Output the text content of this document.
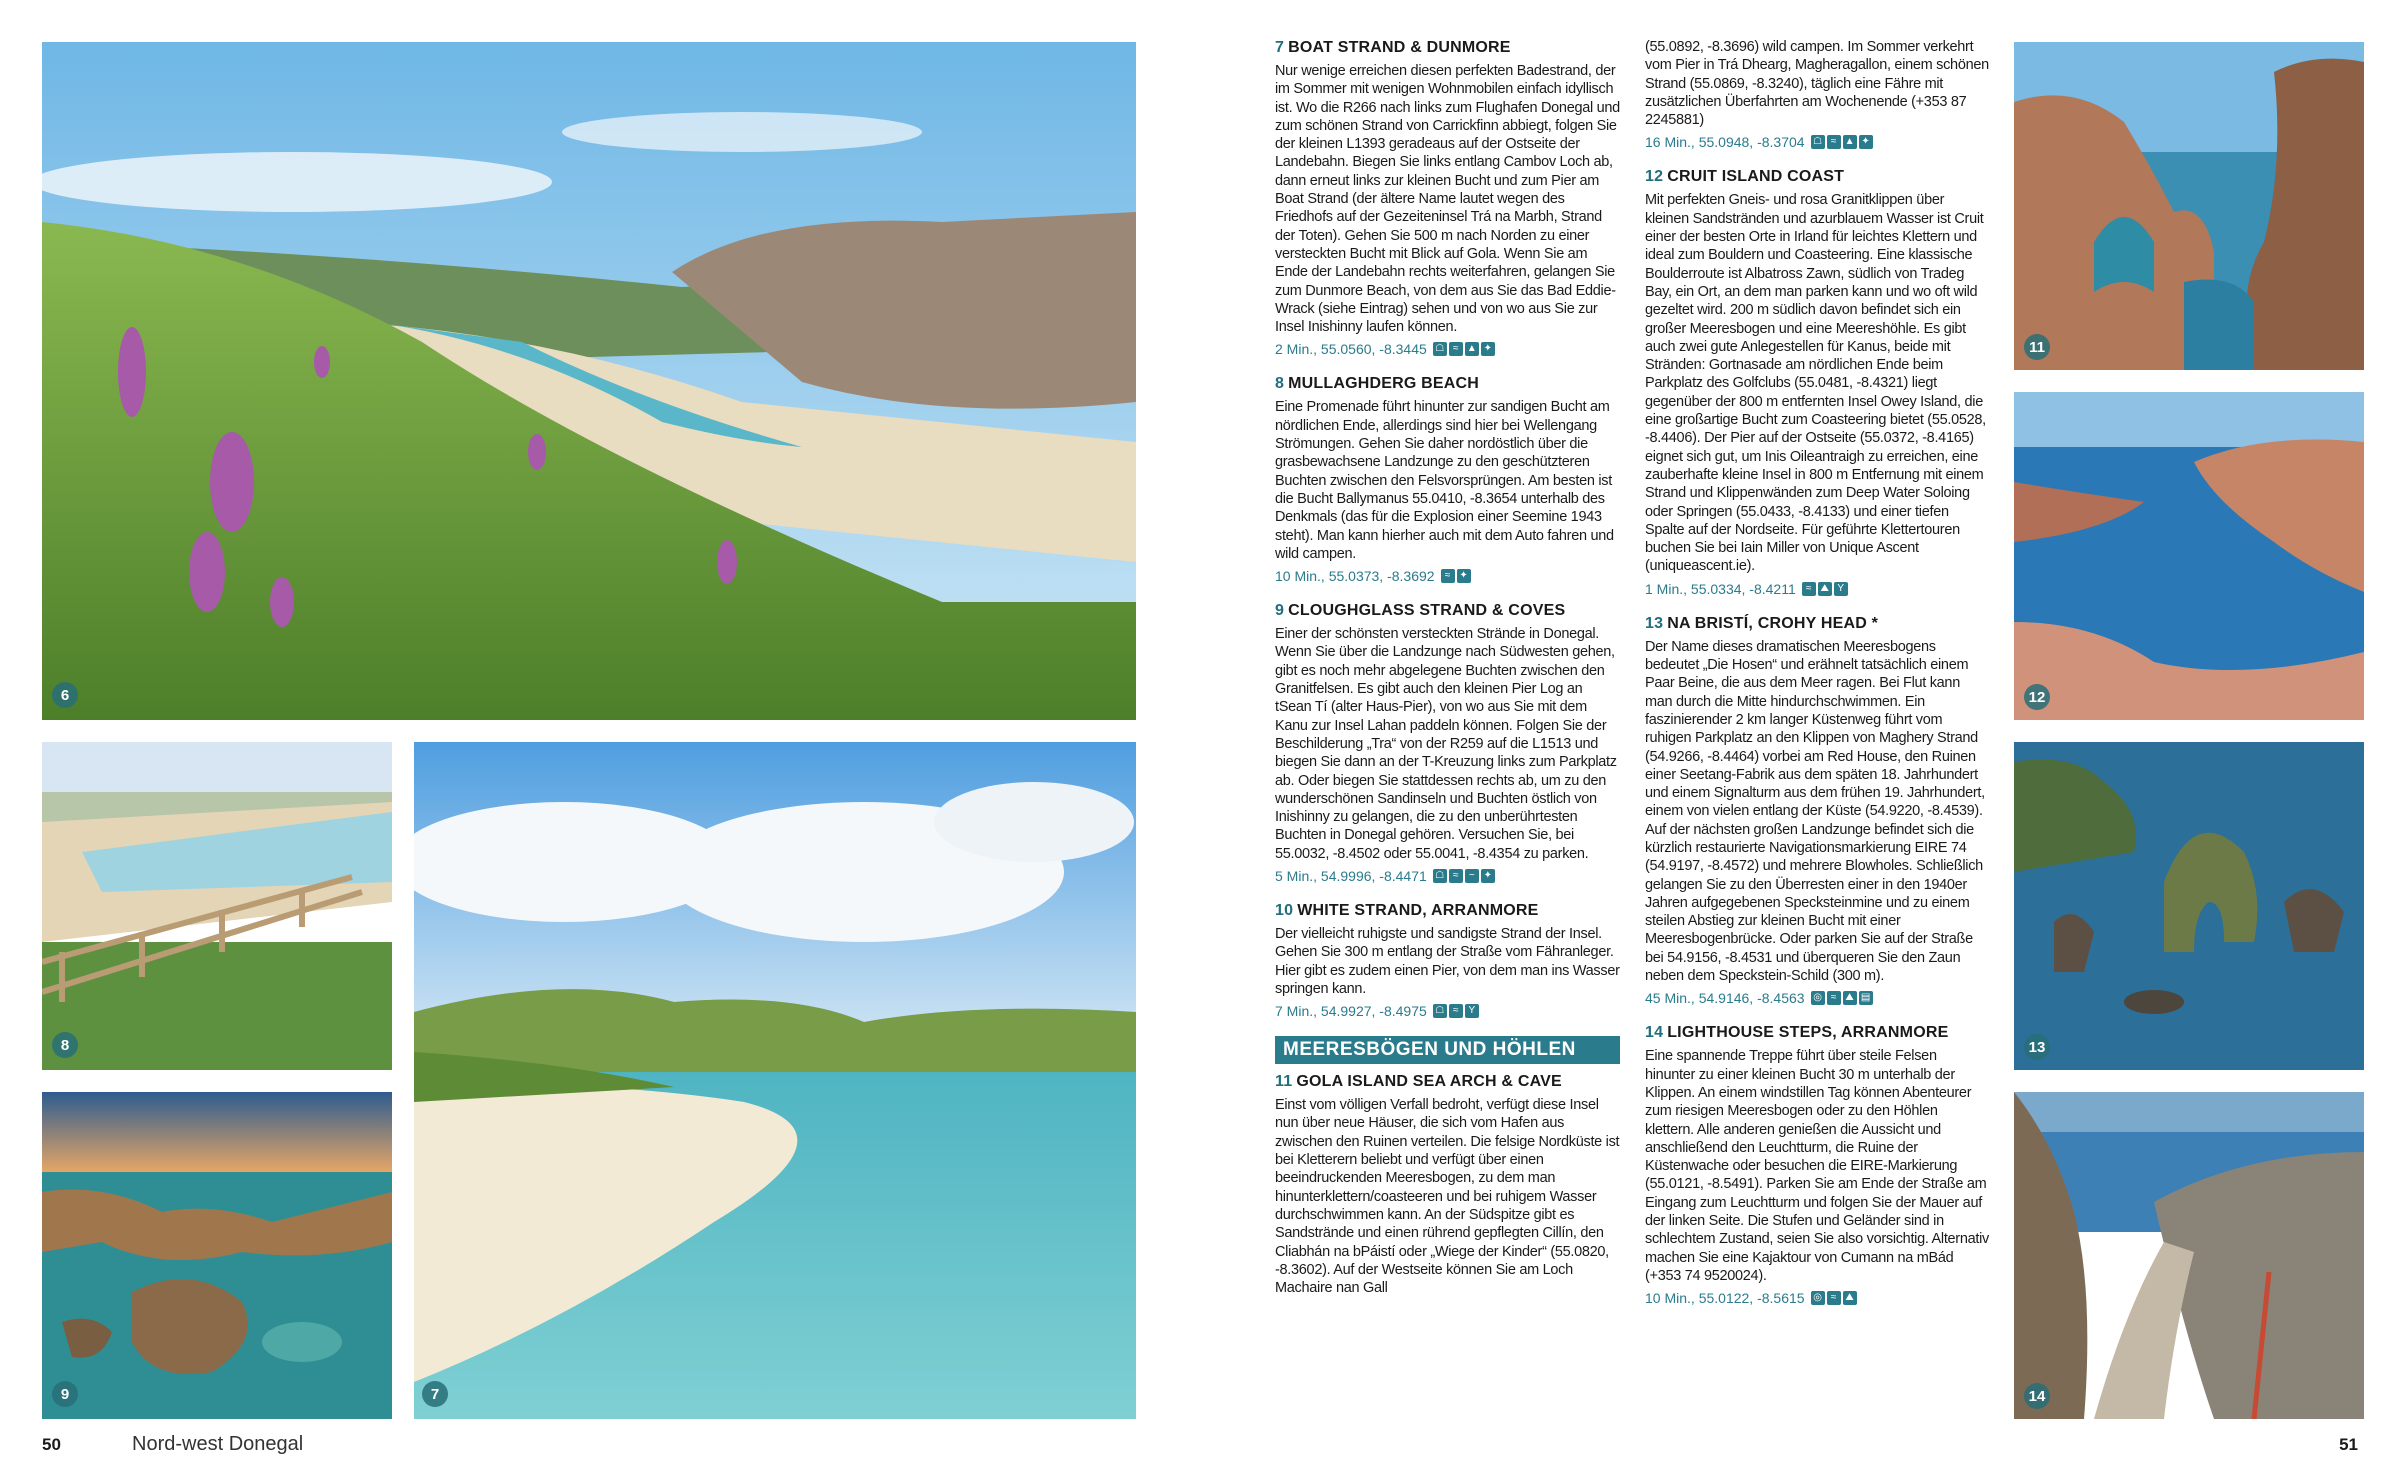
6
8
9	7
7 BOAT STRAND & DUNMORE
Nur wenige erreichen diesen perfekten Badestrand, der im Sommer mit wenigen Wohnmobilen einfach idyllisch ist. Wo die R266 nach links zum Flughafen Donegal und zum schönen Strand von Carrickfinn abbiegt, folgen Sie der kleinen L1393 geradeaus auf der Ostseite der Landebahn. Biegen Sie links entlang Cambov Loch ab, dann erneut links zur kleinen Bucht und zum Pier am Boat Strand (der ältere Name lautet wegen des Friedhofs auf der Gezeiteninsel Trá na Marbh, Strand der Toten). Gehen Sie 500 m nach Norden zu einer versteckten Bucht mit Blick auf Gola. Wenn Sie am Ende der Landebahn rechts weiterfahren, gelangen Sie zum Dunmore Beach, von dem aus Sie das Bad Eddie-Wrack (siehe Eintrag) sehen und von wo aus Sie zur Insel Inishinny laufen können.
2 Min., 55.0560, -8.3445 ☖ ≈ ▲ ✦
8 MULLAGHDERG BEACH
Eine Promenade führt hinunter zur sandigen Bucht am nördlichen Ende, allerdings sind hier bei Wellengang Strömungen. Gehen Sie daher nordöstlich über die grasbewachsene Landzunge zu den geschützteren Buchten zwischen den Felsvorsprüngen. Am besten ist die Bucht Ballymanus 55.0410, -8.3654 unterhalb des Denkmals (das für die Explosion einer Seemine 1943 steht). Man kann hierher auch mit dem Auto fahren und wild campen.
10 Min., 55.0373, -8.3692	≈ ✦
9 CLOUGHGLASS STRAND & COVES
Einer der schönsten versteckten Strände in Donegal. Wenn Sie über die Landzunge nach Südwesten gehen, gibt es noch mehr abgelegene Buchten zwischen den Granitfelsen. Es gibt auch den kleinen Pier Log an tSean Tí (alter Haus-Pier), von wo aus Sie mit dem Kanu zur Insel Lahan paddeln können. Folgen Sie der Beschilderung „Tra“ von der R259 auf die L1513 und biegen Sie dann an der T-Kreuzung links zum Parkplatz ab. Oder biegen Sie stattdessen rechts ab, um zu den wunderschönen Sandinseln und Buchten östlich von Inishinny zu gelangen, die zu den unberührtesten Buchten in Donegal gehören. Versuchen Sie, bei 55.0032, -8.4502 oder 55.0041, -8.4354 zu parken.
5 Min., 54.9996, -8.4471 ☖ ≈	~ ✦
10 WHITE STRAND, ARRANMORE
Der vielleicht ruhigste und sandigste Strand der Insel. Gehen Sie 300 m entlang der Straße vom Fähranleger. Hier gibt es zudem einen Pier, von dem man ins Wasser springen kann.
7 Min., 54.9927, -8.4975 ☖ ≈ Y
MEERESBÖGEN UND HÖHLEN
11 GOLA ISLAND SEA ARCH & CAVE
Einst vom völligen Verfall bedroht, verfügt diese Insel nun über neue Häuser, die sich vom Hafen aus zwischen den Ruinen verteilen. Die felsige Nordküste ist bei Kletterern beliebt und verfügt über einen beeindruckenden Meeresbogen, zu dem man hinunterklettern/coasteeren und bei ruhigem Wasser durchschwimmen kann. An der Südspitze gibt es Sandstrände und einen rührend gepflegten Cillín, den Cliabhán na bPáistí oder „Wiege der Kinder“ (55.0820, -8.3602). Auf der Westseite können Sie am Loch Machaire nan Gall
(55.0892, -8.3696) wild campen. Im Sommer verkehrt vom Pier in Trá Dhearg, Magheragallon, einem schönen Strand (55.0869, -8.3240), täglich eine Fähre mit zusätzlichen Überfahrten am Wochenende (+353 87 2245881)
16 Min., 55.0948, -8.3704 ☖ ≈ ▲ ✦
12 CRUIT ISLAND COAST
Mit perfekten Gneis- und rosa Granitklippen über kleinen Sandstränden und azurblauem Wasser ist Cruit einer der besten Orte in Irland für leichtes Klettern und ideal zum Bouldern und Coasteering. Eine klassische Boulderroute ist Albatross Zawn, südlich von Tradeg Bay, ein Ort, an dem man parken kann und wo oft wild gezeltet wird. 200 m südlich davon befindet sich ein großer Meeresbogen und eine Meereshöhle. Es gibt auch zwei gute Anlegestellen für Kanus, beide mit Stränden: Gortnasade am nördlichen Ende beim Parkplatz des Golfclubs (55.0481, -8.4321) liegt gegenüber der 800 m entfernten Insel Owey Island, die eine großartige Bucht zum Coasteering bietet (55.0528, -8.4406). Der Pier auf der Ostseite (55.0372, -8.4165) eignet sich gut, um Inis Oileantraigh zu erreichen, eine zauberhafte kleine Insel in 800 m Entfernung mit einem Strand und Klippenwänden zum Deep Water Soloing oder Springen (55.0433, -8.4133) und einer tiefen Spalte auf der Nordseite. Für geführte Klettertouren buchen Sie bei Iain Miller von Unique Ascent (uniqueascent.ie).
1 Min., 55.0334, -8.4211	≈ ⛰ Y
13 NA BRISTÍ, CROHY HEAD *
Der Name dieses dramatischen Meeresbogens bedeutet „Die Hosen“ und erähnelt tatsächlich einem Paar Beine, die aus dem Meer ragen. Bei Flut kann man durch die Mitte hindurchschwimmen. Ein faszinierender 2 km langer Küstenweg führt vom ruhigen Parkplatz an den Klippen von Maghery Strand (54.9266, -8.4464) vorbei am Red House, den Ruinen einer Seetang-Fabrik aus dem späten 18. Jahrhundert und einem Signalturm aus dem frühen 19. Jahrhundert, einem von vielen entlang der Küste (54.9220, -8.4539). Auf der nächsten großen Landzunge befindet sich die kürzlich restaurierte Navigationsmarkierung EIRE 74 (54.9197, -8.4572) und mehrere Blowholes. Schließlich gelangen Sie zu den Überresten einer in den 1940er Jahren aufgegebenen Specksteinmine und zu einem steilen Abstieg zur kleinen Bucht mit einer Meeresbogenbrücke. Oder parken Sie auf der Straße bei 54.9156, -8.4531 und überqueren Sie den Zaun neben dem Speckstein-Schild (300 m).
45 Min., 54.9146, -8.4563 ◎ ≈ ⛰ ▤
14 LIGHTHOUSE STEPS, ARRANMORE
Eine spannende Treppe führt über steile Felsen hinunter zu einer kleinen Bucht 30 m unterhalb der Klippen. An einem windstillen Tag können Abenteurer zum riesigen Meeresbogen oder zu den Höhlen klettern. Alle anderen genießen die Aussicht und anschließend den Leuchtturm, die Ruine der Küstenwache oder besuchen die EIRE-Markierung (55.0121, -8.5491). Parken Sie am Ende der Straße am Eingang zum Leuchtturm und folgen Sie der Mauer auf der linken Seite. Die Stufen und Geländer sind in schlechtem Zustand, seien Sie also vorsichtig. Alternativ machen Sie eine Kajaktour von Cumann na mBád (+353 74 9520024).
10 Min., 55.0122, -8.5615 ◎ ≈ ⛰
11
12
13
14
50	Nord-west Donegal	51
